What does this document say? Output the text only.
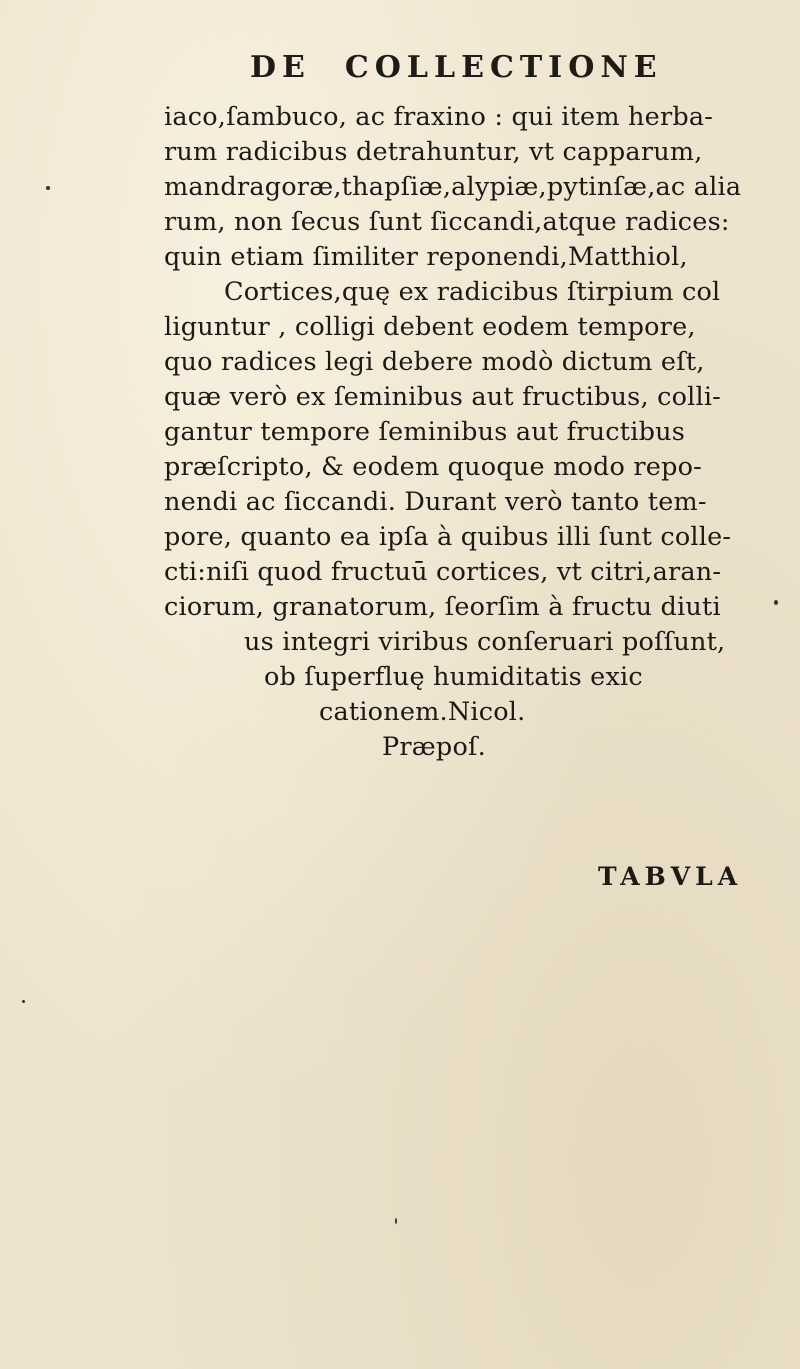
DE COLLECTIONE
iaco,ſambuco, ac fraxino : qui item herba-
rum radicibus detrahuntur, vt capparum,
mandragoræ,thapſiæ,alypiæ,pytinſæ,ac alia
rum, non ſecus ſunt ſiccandi,atque radices:
quin etiam ſimiliter reponendi,Matthiol,
Cortices,quę ex radicibus ſtirpium col
liguntur , colligi debent eodem tempore,
quo radices legi debere modò dictum eſt,
quæ verò ex ſeminibus aut fructibus, colli-
gantur tempore ſeminibus aut fructibus
præſcripto, & eodem quoque modo repo-
nendi ac ſiccandi. Durant verò tanto tem-
pore, quanto ea ipſa à quibus illi ſunt colle-
cti:niſi quod fructuū cortices, vt citri,aran-
ciorum, granatorum, ſeorſim à fructu diuti
us integri viribus conſeruari poſſunt,
ob ſuperfluę humiditatis exic
cationem.Nicol.
Præpoſ.
TABVLA
